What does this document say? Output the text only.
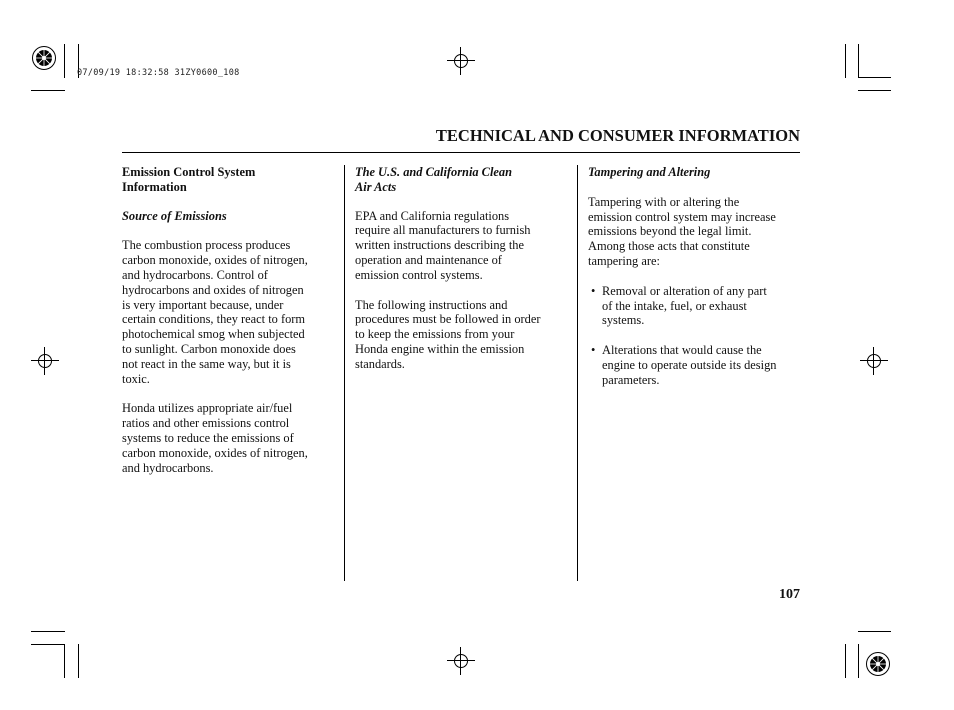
07/09/19 18:32:58 31ZY0600_108
TECHNICAL AND CONSUMER INFORMATION

Emission Control System
Information

Source of Emissions

The combustion process produces
carbon monoxide, oxides of nitrogen,
and hydrocarbons. Control of
hydrocarbons and oxides of nitrogen
is very important because, under
certain conditions, they react to form
photochemical smog when subjected
to sunlight. Carbon monoxide does
not react in the same way, but it is
toxic.

Honda utilizes appropriate air/fuel
ratios and other emissions control
systems to reduce the emissions of
carbon monoxide, oxides of nitrogen,
and hydrocarbons.

The U.S. and California Clean
Air Acts

EPA and California regulations
require all manufacturers to furnish
written instructions describing the
operation and maintenance of
emission control systems.

The following instructions and
procedures must be followed in order
to keep the emissions from your
Honda engine within the emission
standards.

Tampering and Altering

Tampering with or altering the
emission control system may increase
emissions beyond the legal limit.
Among those acts that constitute
tampering are:

• Removal or alteration of any part
of the intake, fuel, or exhaust
systems.

• Alterations that would cause the
engine to operate outside its design
parameters.

107
